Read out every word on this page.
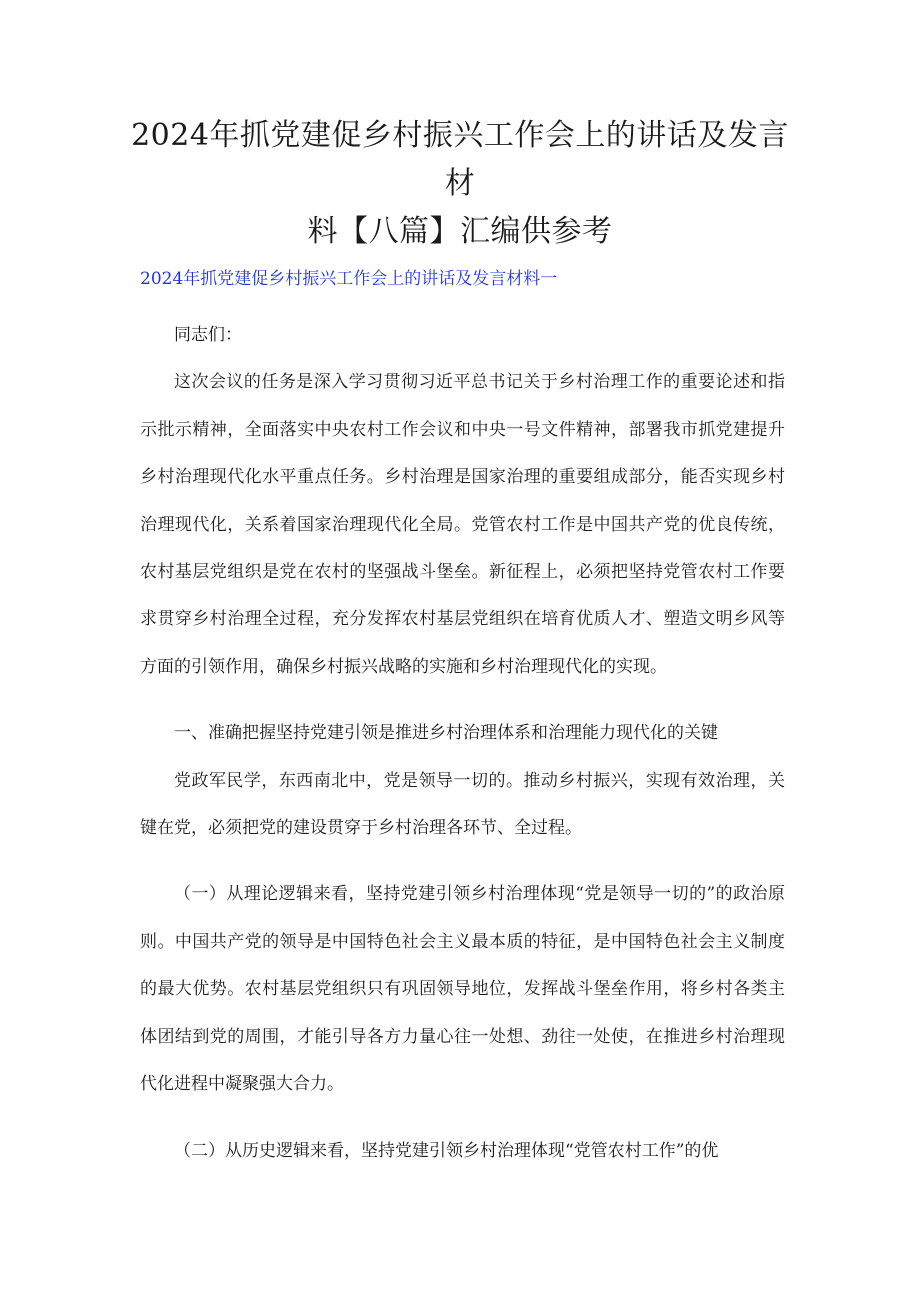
2024年抓党建促乡村振兴工作会上的讲话及发言材
料【八篇】汇编供参考
2024年抓党建促乡村振兴工作会上的讲话及发言材料一

同志们：

这次会议的任务是深入学习贯彻习近平总书记关于乡村治理工作的重要论述和指示批示精神，全面落实中央农村工作会议和中央一号文件精神，部署我市抓党建提升乡村治理现代化水平重点任务。乡村治理是国家治理的重要组成部分，能否实现乡村治理现代化，关系着国家治理现代化全局。党管农村工作是中国共产党的优良传统，农村基层党组织是党在农村的坚强战斗堡垒。新征程上，必须把坚持党管农村工作要求贯穿乡村治理全过程，充分发挥农村基层党组织在培育优质人才、塑造文明乡风等方面的引领作用，确保乡村振兴战略的实施和乡村治理现代化的实现。

一、准确把握坚持党建引领是推进乡村治理体系和治理能力现代化的关键

党政军民学，东西南北中，党是领导一切的。推动乡村振兴，实现有效治理，关键在党，必须把党的建设贯穿于乡村治理各环节、全过程。

（一）从理论逻辑来看，坚持党建引领乡村治理体现“党是领导一切的”的政治原则。中国共产党的领导是中国特色社会主义最本质的特征，是中国特色社会主义制度的最大优势。农村基层党组织只有巩固领导地位，发挥战斗堡垒作用，将乡村各类主体团结到党的周围，才能引导各方力量心往一处想、劲往一处使，在推进乡村治理现代化进程中凝聚强大合力。

（二）从历史逻辑来看，坚持党建引领乡村治理体现“党管农村工作”的优
